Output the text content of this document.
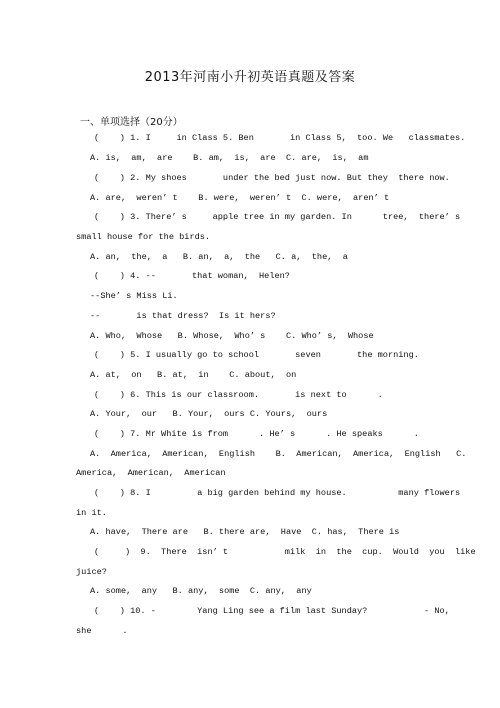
2013年河南小升初英语真题及答案
一、单项选择（20分）
(    ) 1. I     in Class 5. Ben       in Class 5,  too. We   classmates.
A. is,  am,  are    B. am,  is,  are  C. are,  is,  am
(    ) 2. My shoes       under the bed just now. But they  there now.
A. are,  weren’ t    B. were,  weren’ t  C. were,  aren’ t
(    ) 3. There’ s     apple tree in my garden. In      tree,  there’ s
small house for the birds.
A. an,  the,  a   B. an,  a,  the   C. a,  the,  a
(    ) 4. --       that woman,  Helen?
--She’ s Miss Li.
--       is that dress?  Is it hers?
A. Who,  Whose   B. Whose,  Who’ s    C. Who’ s,  Whose
(    ) 5. I usually go to school       seven       the morning.
A. at,  on   B. at,  in    C. about,  on
(    ) 6. This is our classroom.       is next to      .
A. Your,  our   B. Your,  ours C. Yours,  ours
(    ) 7. Mr White is from      . He’ s      . He speaks      .
A.  America,  American,  English    B.  American,  America,  English   C.
America,  American,  American
(    ) 8. I         a big garden behind my house.          many flowers
in it.
A. have,  There are   B. there are,  Have  C. has,  There is
(     )  9.  There  isn’ t           milk  in  the  cup.  Would  you  like
juice?
A. some,  any   B. any,  some  C. any,  any
(    ) 10. -        Yang Ling see a film last Sunday?           - No,
she      .
